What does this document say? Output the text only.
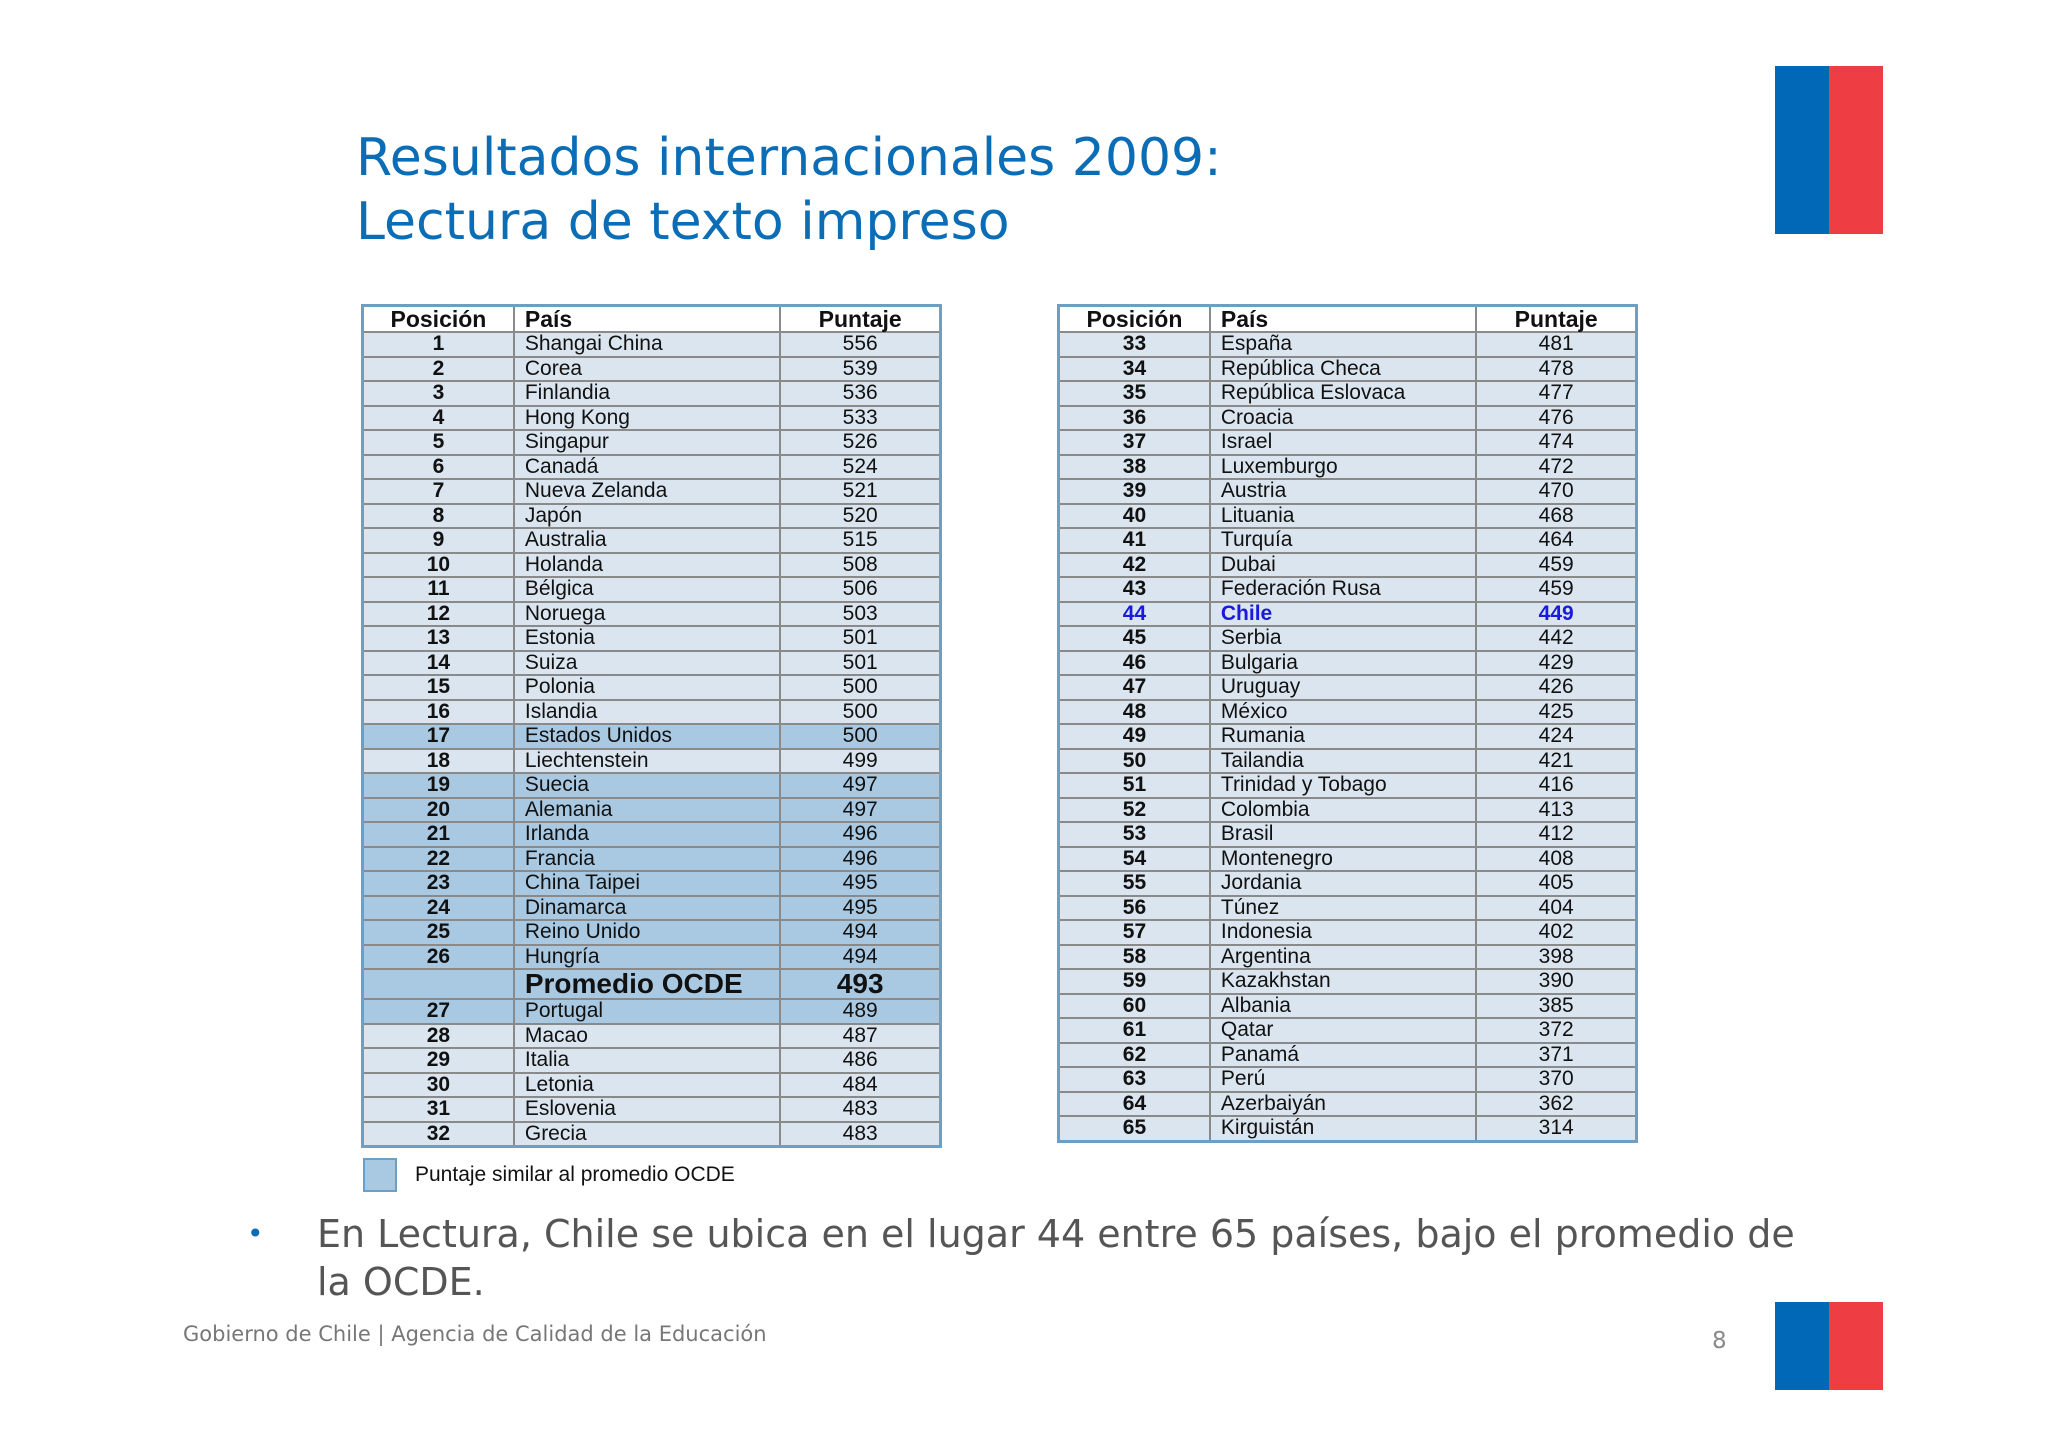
Resultados internacionales 2009:
Lectura de texto impreso
Posición	País	Puntaje
1	Shangai China	556
2	Corea	539
3	Finlandia	536
4	Hong Kong	533
5	Singapur	526
6	Canadá	524
7	Nueva Zelanda	521
8	Japón	520
9	Australia	515
10	Holanda	508
11	Bélgica	506
12	Noruega	503
13	Estonia	501
14	Suiza	501
15	Polonia	500
16	Islandia	500
17	Estados Unidos	500
18	Liechtenstein	499
19	Suecia	497
20	Alemania	497
21	Irlanda	496
22	Francia	496
23	China Taipei	495
24	Dinamarca	495
25	Reino Unido	494
26	Hungría	494
	Promedio OCDE	493
27	Portugal	489
28	Macao	487
29	Italia	486
30	Letonia	484
31	Eslovenia	483
32	Grecia	483
Posición	País	Puntaje
33	España	481
34	República Checa	478
35	República Eslovaca	477
36	Croacia	476
37	Israel	474
38	Luxemburgo	472
39	Austria	470
40	Lituania	468
41	Turquía	464
42	Dubai	459
43	Federación Rusa	459
44	Chile	449
45	Serbia	442
46	Bulgaria	429
47	Uruguay	426
48	México	425
49	Rumania	424
50	Tailandia	421
51	Trinidad y Tobago	416
52	Colombia	413
53	Brasil	412
54	Montenegro	408
55	Jordania	405
56	Túnez	404
57	Indonesia	402
58	Argentina	398
59	Kazakhstan	390
60	Albania	385
61	Qatar	372
62	Panamá	371
63	Perú	370
64	Azerbaiyán	362
65	Kirguistán	314
Puntaje similar al promedio OCDE
• En Lectura, Chile se ubica en el lugar 44 entre 65 países, bajo el promedio de la OCDE.
Gobierno de Chile | Agencia de Calidad de la Educación	8
